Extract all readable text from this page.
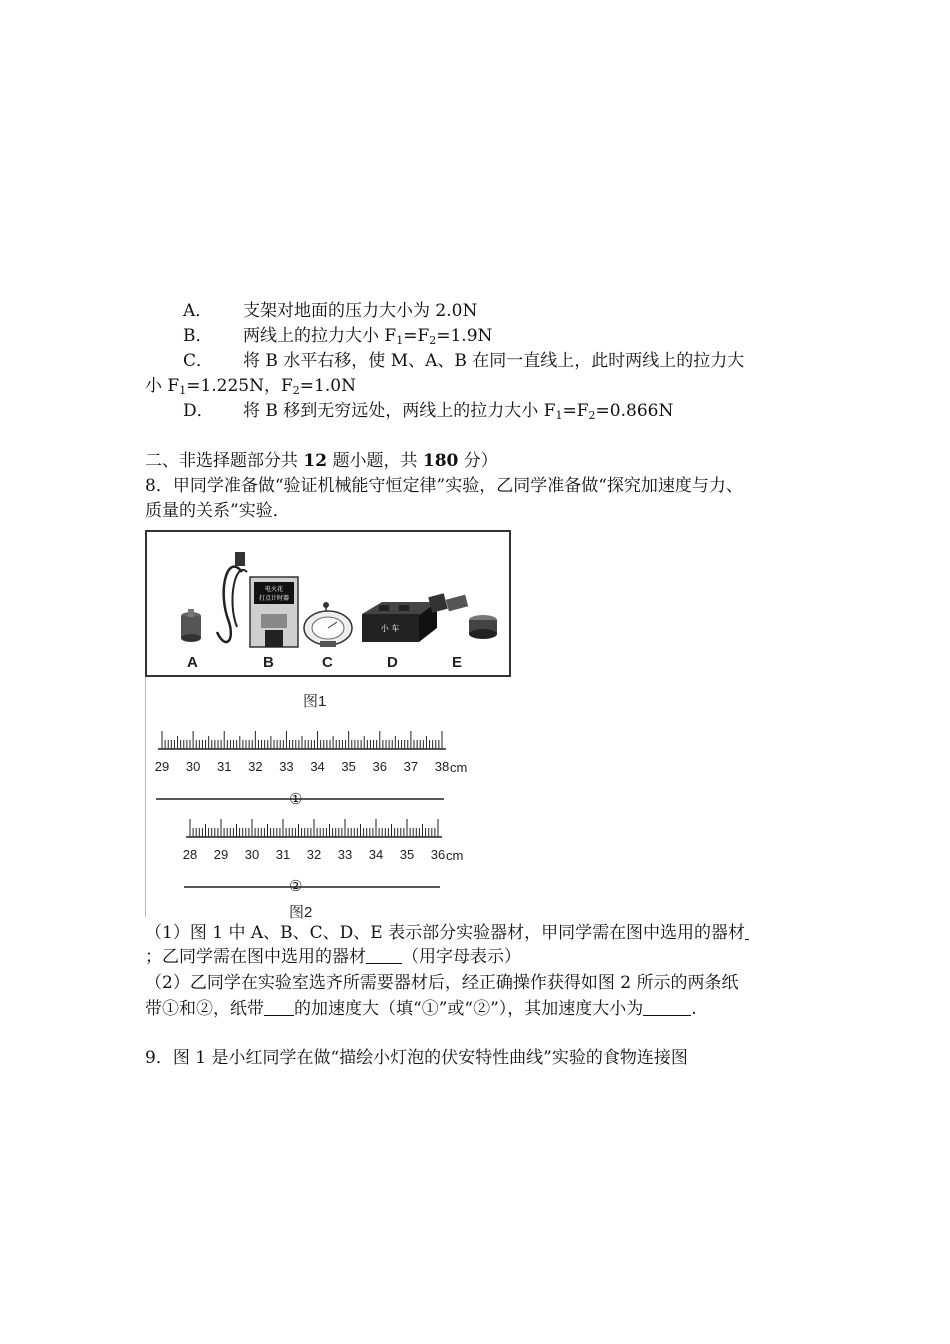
A． 支架对地面的压力大小为 2.0N
B． 两线上的拉力大小 $F_1=F_2=1.9N$
C． 将 B 水平右移，使 M、A、B 在同一直线上，此时两线上的拉力大
小 $F_1=1.225N$，$F_2=1.0N$
D． 将 B 移到无穷远处，两线上的拉力大小 $F_1=F_2=0.866N$
二、非选择题部分共 12 题小题，共 180 分）
8．甲同学准备做“验证机械能守恒定律”实验，乙同学准备做“探究加速度与力、
质量的关系”实验．
电火花
打点计时器
小 车
A	B	C	D	E
图1
29 30 31 32 33 34 35 36 37 38
28 29 30 31 32 33 34 35 36
cm
①
cm
②
图2
（1）图 1 中 A、B、C、D、E 表示部分实验器材，甲同学需在图中选用的器材
；乙同学需在图中选用的器材 （用字母表示）
（2）乙同学在实验室选齐所需要器材后，经正确操作获得如图 2 所示的两条纸
带①和②，纸带 的加速度大（填“①”或“②”），其加速度大小为	.
9．图 1 是小红同学在做“描绘小灯泡的伏安特性曲线”实验的食物连接图
